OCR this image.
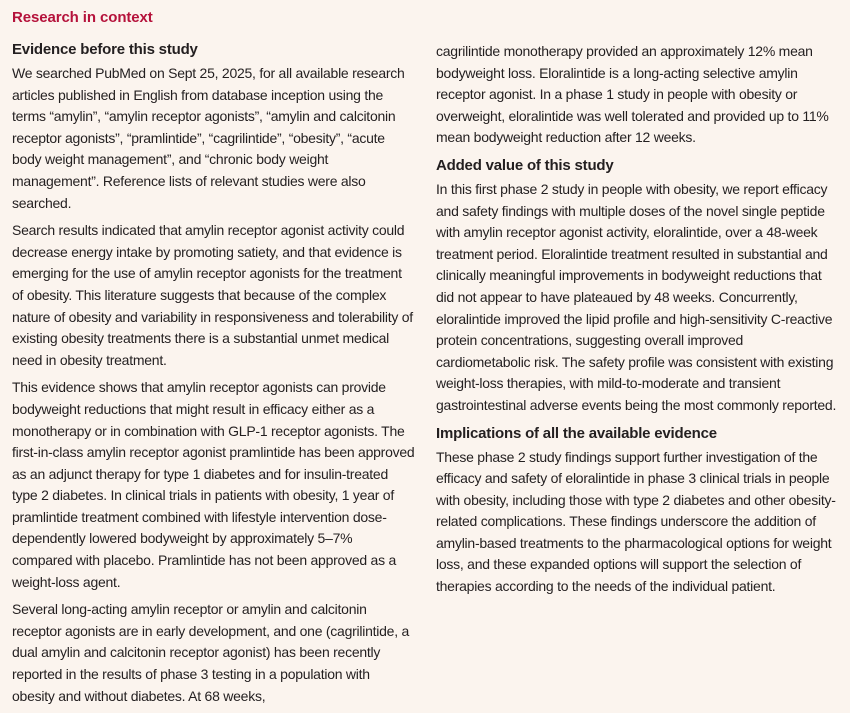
Research in context
Evidence before this study

We searched PubMed on Sept 25, 2025, for all available research articles published in English from database inception using the terms “amylin”, “amylin receptor agonists”, “amylin and calcitonin receptor agonists”, “pramlintide”, “cagrilintide”, “obesity”, “acute body weight management”, and “chronic body weight management”. Reference lists of relevant studies were also searched.

Search results indicated that amylin receptor agonist activity could decrease energy intake by promoting satiety, and that evidence is emerging for the use of amylin receptor agonists for the treatment of obesity. This literature suggests that because of the complex nature of obesity and variability in responsiveness and tolerability of existing obesity treatments there is a substantial unmet medical need in obesity treatment.

This evidence shows that amylin receptor agonists can provide bodyweight reductions that might result in efficacy either as a monotherapy or in combination with GLP-1 receptor agonists. The first-in-class amylin receptor agonist pramlintide has been approved as an adjunct therapy for type 1 diabetes and for insulin-treated type 2 diabetes. In clinical trials in patients with obesity, 1 year of pramlintide treatment combined with lifestyle intervention dose-dependently lowered bodyweight by approximately 5–7% compared with placebo. Pramlintide has not been approved as a weight-loss agent.

Several long-acting amylin receptor or amylin and calcitonin receptor agonists are in early development, and one (cagrilintide, a dual amylin and calcitonin receptor agonist) has been recently reported in the results of phase 3 testing in a population with obesity and without diabetes. At 68 weeks,

cagrilintide monotherapy provided an approximately 12% mean bodyweight loss. Eloralintide is a long-acting selective amylin receptor agonist. In a phase 1 study in people with obesity or overweight, eloralintide was well tolerated and provided up to 11% mean bodyweight reduction after 12 weeks.

Added value of this study

In this first phase 2 study in people with obesity, we report efficacy and safety findings with multiple doses of the novel single peptide with amylin receptor agonist activity, eloralintide, over a 48-week treatment period. Eloralintide treatment resulted in substantial and clinically meaningful improvements in bodyweight reductions that did not appear to have plateaued by 48 weeks. Concurrently, eloralintide improved the lipid profile and high-sensitivity C-reactive protein concentrations, suggesting overall improved cardiometabolic risk. The safety profile was consistent with existing weight-loss therapies, with mild-to-moderate and transient gastrointestinal adverse events being the most commonly reported.

Implications of all the available evidence

These phase 2 study findings support further investigation of the efficacy and safety of eloralintide in phase 3 clinical trials in people with obesity, including those with type 2 diabetes and other obesity-related complications. These findings underscore the addition of amylin-based treatments to the pharmacological options for weight loss, and these expanded options will support the selection of therapies according to the needs of the individual patient.
